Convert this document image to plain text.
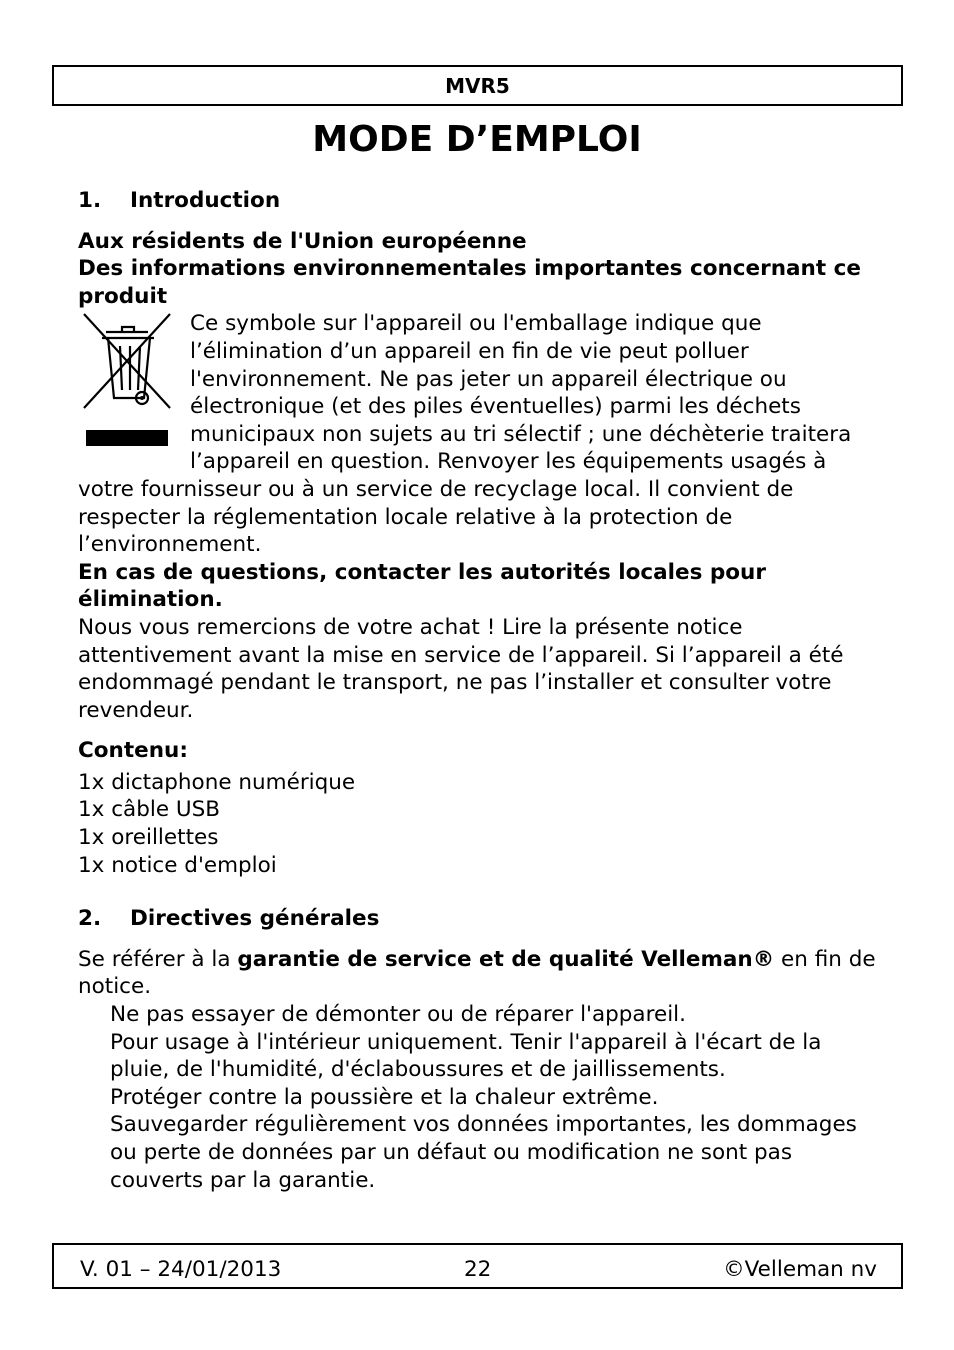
MVR5
MODE D’EMPLOI
1. Introduction

Aux résidents de l'Union européenne

Des informations environnementales importantes concernant ce produit

Ce symbole sur l'appareil ou l'emballage indique que l’élimination d’un appareil en fin de vie peut polluer l'environnement. Ne pas jeter un appareil électrique ou électronique (et des piles éventuelles) parmi les déchets municipaux non sujets au tri sélectif ; une déchèterie traitera l’appareil en question. Renvoyer les équipements usagés à votre fournisseur ou à un service de recyclage local. Il convient de respecter la réglementation locale relative à la protection de l’environnement.

En cas de questions, contacter les autorités locales pour élimination.

Nous vous remercions de votre achat ! Lire la présente notice attentivement avant la mise en service de l’appareil. Si l’appareil a été endommagé pendant le transport, ne pas l’installer et consulter votre revendeur.

Contenu:

1x dictaphone numérique

1x câble USB

1x oreillettes

1x notice d'emploi

2. Directives générales

Se référer à la garantie de service et de qualité Velleman® en fin de notice.

Ne pas essayer de démonter ou de réparer l'appareil.

Pour usage à l'intérieur uniquement. Tenir l'appareil à l'écart de la pluie, de l'humidité, d'éclaboussures et de jaillissements.

Protéger contre la poussière et la chaleur extrême.

Sauvegarder régulièrement vos données importantes, les dommages ou perte de données par un défaut ou modification ne sont pas couverts par la garantie.

V. 01 – 24/01/2013	22	©Velleman nv
